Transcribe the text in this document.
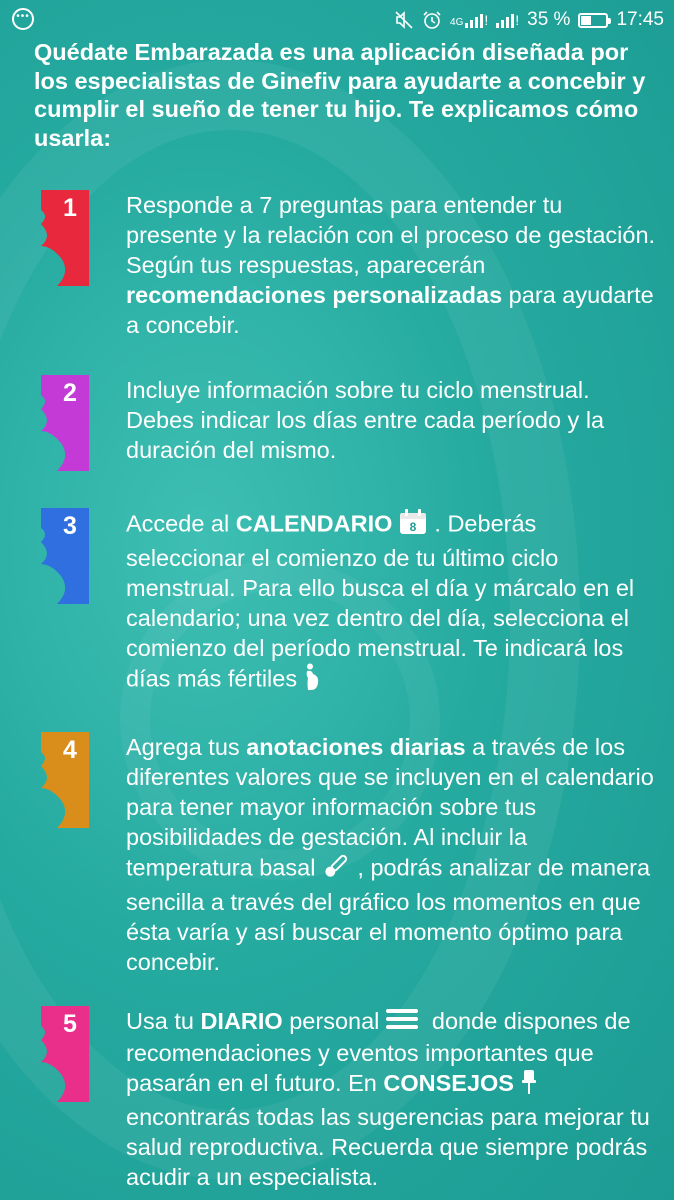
•••
4G ! ! 35 % 17:45
Quédate Embarazada es una aplicación diseñada por los especialistas de Ginefiv para ayudarte a concebir y cumplir el sueño de tener tu hijo. Te explicamos cómo usarla:
1	Responde a 7 preguntas para entender tu presente y la relación con el proceso de gestación. Según tus respuestas, aparecerán recomendaciones personalizadas para ayudarte a concebir.
2	Incluye información sobre tu ciclo menstrual. Debes indicar los días entre cada período y la duración del mismo.
3	Accede al CALENDARIO 8 . Deberás seleccionar el comienzo de tu último ciclo menstrual. Para ello busca el día y márcalo en el calendario; una vez dentro del día, selecciona el comienzo del período menstrual. Te indicará los días más fértiles
4	Agrega tus anotaciones diarias a través de los diferentes valores que se incluyen en el calendario para tener mayor información sobre tus posibilidades de gestación. Al incluir la temperatura basal , podrás analizar de manera sencilla a través del gráfico los momentos en que ésta varía y así buscar el momento óptimo para concebir.
5	Usa tu DIARIO personal donde dispones de recomendaciones y eventos importantes que pasarán en el futuro. En CONSEJOS encontrarás todas las sugerencias para mejorar tu salud reproductiva. Recuerda que siempre podrás acudir a un especialista.
